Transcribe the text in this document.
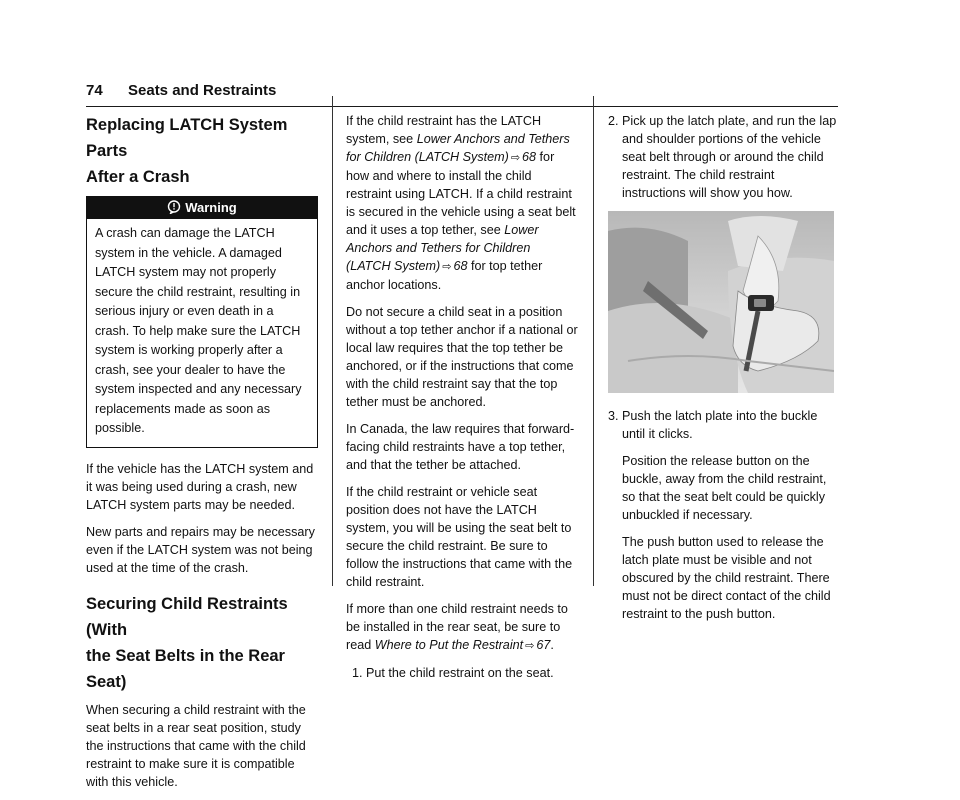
74 Seats and Restraints
Replacing LATCH System Parts
After a Crash
Warning
A crash can damage the LATCH system in the vehicle. A damaged LATCH system may not properly secure the child restraint, resulting in serious injury or even death in a crash. To help make sure the LATCH system is working properly after a crash, see your dealer to have the system inspected and any necessary replacements made as soon as possible.

If the vehicle has the LATCH system and it was being used during a crash, new LATCH system parts may be needed.

New parts and repairs may be necessary even if the LATCH system was not being used at the time of the crash.

Securing Child Restraints (With
the Seat Belts in the Rear Seat)

When securing a child restraint with the seat belts in a rear seat position, study the instructions that came with the child restraint to make sure it is compatible with this vehicle.

If the child restraint has the LATCH system, see Lower Anchors and Tethers for Children (LATCH System) ⇨ 68 for how and where to install the child restraint using LATCH. If a child restraint is secured in the vehicle using a seat belt and it uses a top tether, see Lower Anchors and Tethers for Children (LATCH System) ⇨ 68 for top tether anchor locations.

Do not secure a child seat in a position without a top tether anchor if a national or local law requires that the top tether be anchored, or if the instructions that come with the child restraint say that the top tether must be anchored.

In Canada, the law requires that forward-facing child restraints have a top tether, and that the tether be attached.

If the child restraint or vehicle seat position does not have the LATCH system, you will be using the seat belt to secure the child restraint. Be sure to follow the instructions that came with the child restraint.

If more than one child restraint needs to be installed in the rear seat, be sure to read Where to Put the Restraint ⇨ 67.

1. Put the child restraint on the seat.
2. Pick up the latch plate, and run the lap and shoulder portions of the vehicle seat belt through or around the child restraint. The child restraint instructions will show you how.
3. Push the latch plate into the buckle until it clicks.

Position the release button on the buckle, away from the child restraint, so that the seat belt could be quickly unbuckled if necessary.

The push button used to release the latch plate must be visible and not obscured by the child restraint. There must not be direct contact of the child restraint to the push button.
